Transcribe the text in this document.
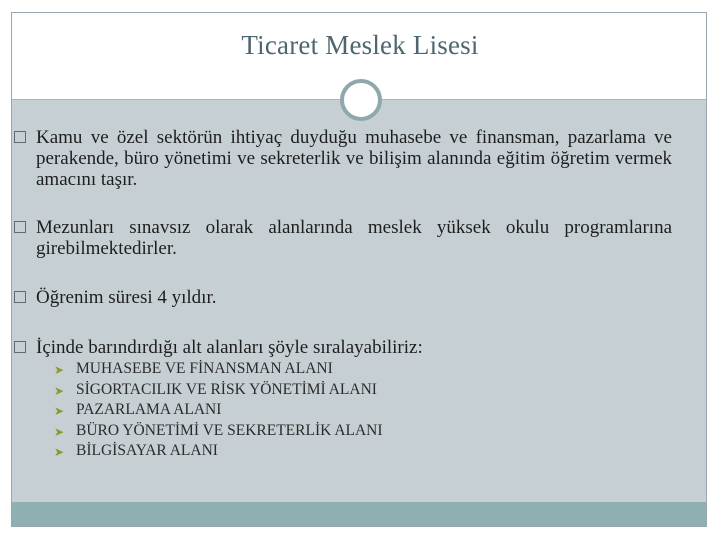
Ticaret Meslek Lisesi
Kamu ve özel sektörün ihtiyaç duyduğu muhasebe ve finansman, pazarlama ve perakende, büro yönetimi ve sekreterlik ve bilişim alanında eğitim öğretim vermek amacını taşır.
Mezunları sınavsız olarak alanlarında meslek yüksek okulu programlarına girebilmektedirler.
Öğrenim süresi 4 yıldır.
İçinde barındırdığı alt alanları şöyle sıralayabiliriz:
➤ MUHASEBE VE FİNANSMAN ALANI
➤ SİGORTACILIK VE RİSK YÖNETİMİ ALANI
➤ PAZARLAMA ALANI
➤ BÜRO YÖNETİMİ VE SEKRETERLİK ALANI
➤ BİLGİSAYAR ALANI
